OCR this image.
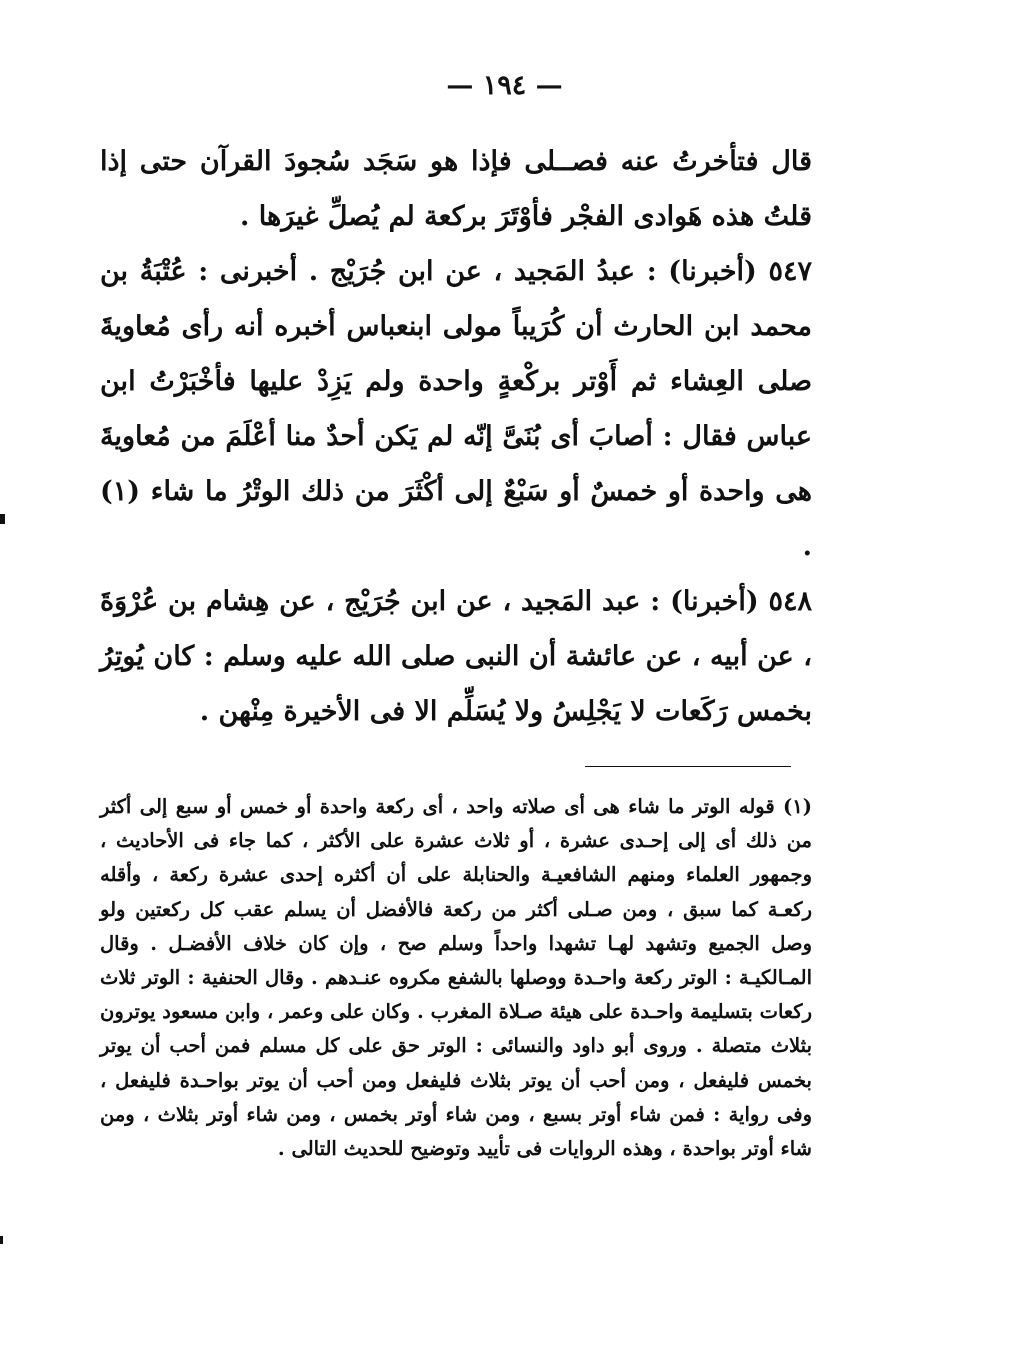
— ١٩٤ —

قال فتأخرتُ عنه فصــلى فإذا هو سَجَد سُجودَ القرآن حتى إذا قلتُ هذه هَوادى الفجْر فأوْتَرَ بركعة لم يُصلِّ غيرَها .

٥٤٧ (أخبرنا) : عبدُ المَجيد ، عن ابن جُرَيْج . أخبرنى : عُتْبَةُ بن محمد ابن الحارث أن كُرَيباً مولى ابنعباس أخبره أنه رأى مُعاويةَ صلى العِشاء ثم أَوْتر بركْعةٍ واحدة ولم يَزِدْ عليها فأخْبَرْتُ ابن عباس فقال : أصابَ أى بُنَىَّ إنّه لم يَكن أحدٌ منا أعْلَمَ من مُعاويةَ هى واحدة أو خمسٌ أو سَبْعٌ إلى أكْثَرَ من ذلك الوتْرُ ما شاء (١) .

٥٤٨ (أخبرنا) : عبد المَجيد ، عن ابن جُرَيْج ، عن هِشام بن عُرْوَةَ ، عن أبيه ، عن عائشة أن النبى صلى الله عليه وسلم : كان يُوتِرُ بخمس رَكَعات لا يَجْلِسُ ولا يُسَلِّم الا فى الأخيرة مِنْهن .

(١) قوله الوتر ما شاء هى أى صلاته واحد ، أى ركعة واحدة أو خمس أو سبع إلى أكثر من ذلك أى إلى إحـدى عشرة ، أو ثلاث عشرة على الأكثر ، كما جاء فى الأحاديث ، وجمهور العلماء ومنهم الشافعيـة والحنابلة على أن أكثره إحدى عشرة ركعة ، وأقله ركعـة كما سبق ، ومن صـلى أكثر من ركعة فالأفضل أن يسلم عقب كل ركعتين ولو وصل الجميع وتشهد لهـا تشهدا واحداً وسلم صح ، وإن كان خلاف الأفضـل . وقال المـالكيـة : الوتر ركعة واحـدة ووصلها بالشفع مكروه عنـدهم . وقال الحنفية : الوتر ثلاث ركعات بتسليمة واحـدة على هيئة صـلاة المغرب . وكان على وعمر ، وابن مسعود يوترون بثلاث متصلة . وروى أبو داود والنسائى : الوتر حق على كل مسلم فمن أحب أن يوتر بخمس فليفعل ، ومن أحب أن يوتر بثلاث فليفعل ومن أحب أن يوتر بواحـدة فليفعل ، وفى رواية : فمن شاء أوتر بسبع ، ومن شاء أوتر بخمس ، ومن شاء أوتر بثلاث ، ومن شاء أوتر بواحدة ، وهذه الروايات فى تأييد وتوضيح للحديث التالى .
